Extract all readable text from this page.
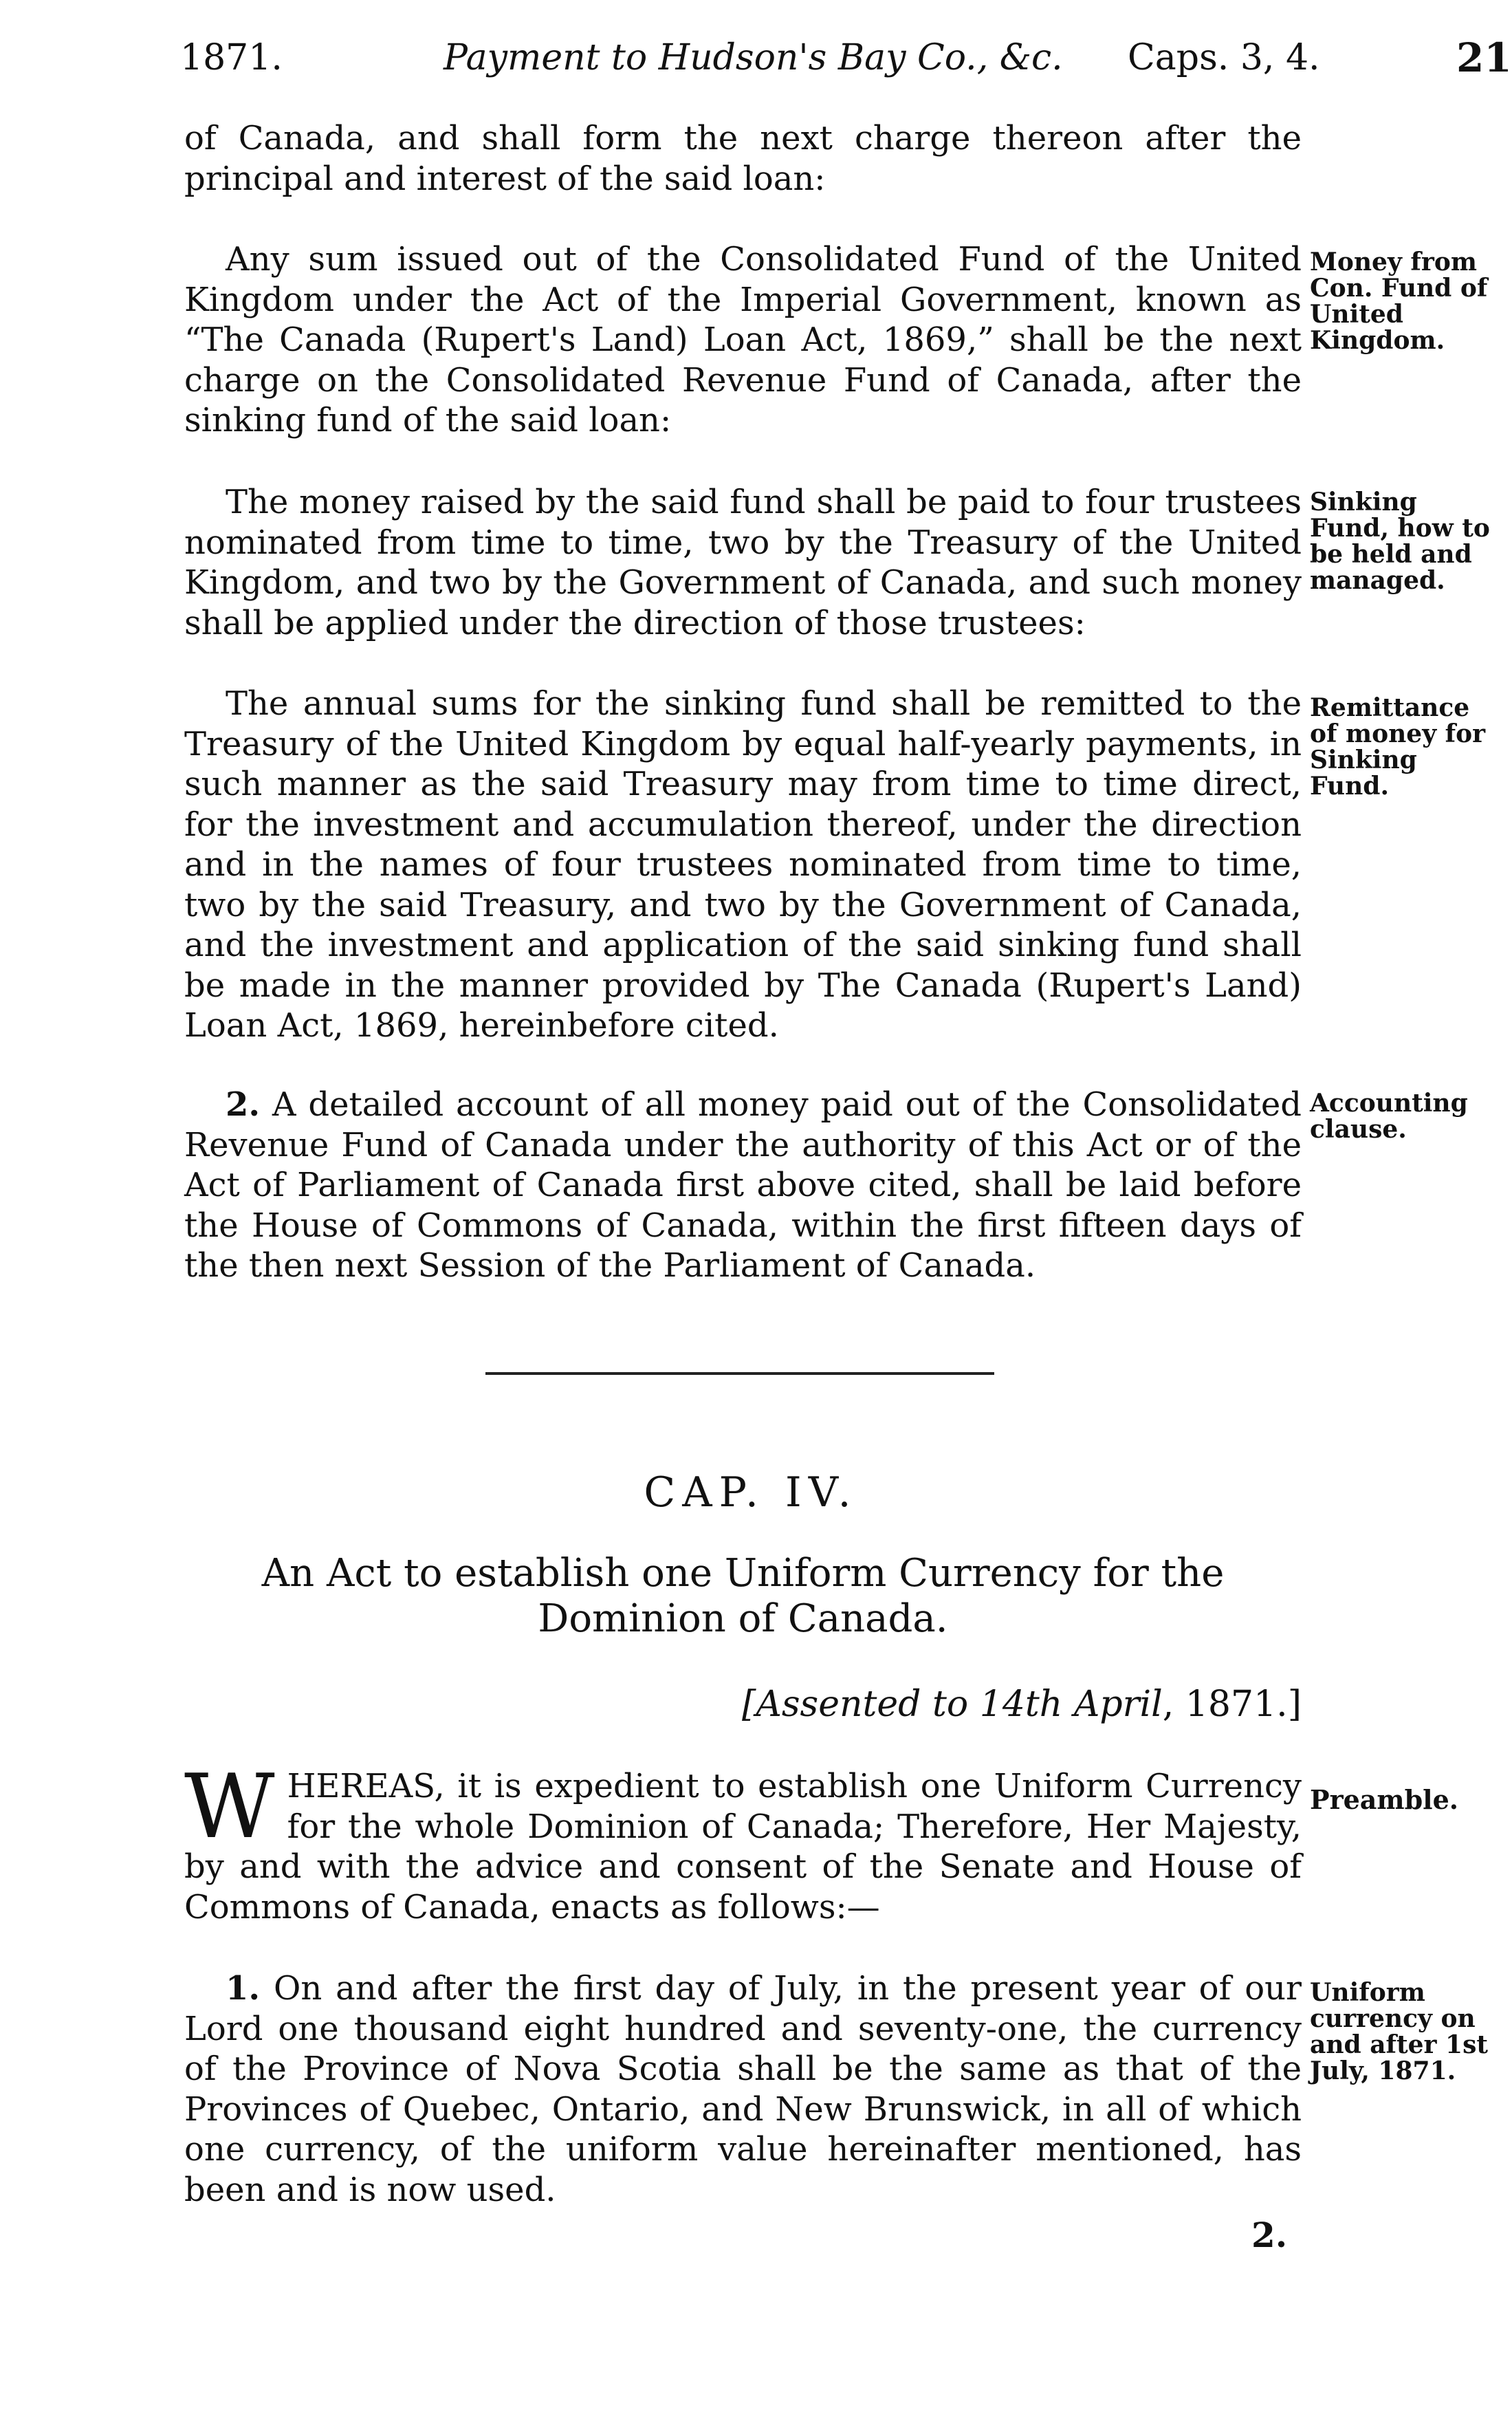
1871.	Payment to Hudson's Bay Co., &c. Caps. 3, 4.	21
of Canada, and shall form the next charge thereon after the principal and interest of the said loan:
Any sum issued out of the Consolidated Fund of the United Kingdom under the Act of the Imperial Government, known as “The Canada (Rupert's Land) Loan Act, 1869,” shall be the next charge on the Consolidated Revenue Fund of Canada, after the sinking fund of the said loan:
Money from Con. Fund of United Kingdom.
The money raised by the said fund shall be paid to four trustees nominated from time to time, two by the Treasury of the United Kingdom, and two by the Government of Canada, and such money shall be applied under the direction of those trustees:
Sinking Fund, how to be held and managed.
The annual sums for the sinking fund shall be remitted to the Treasury of the United Kingdom by equal half-yearly payments, in such manner as the said Treasury may from time to time direct, for the investment and accumulation thereof, under the direction and in the names of four trustees nominated from time to time, two by the said Treasury, and two by the Government of Canada, and the investment and application of the said sinking fund shall be made in the manner provided by The Canada (Rupert's Land) Loan Act, 1869, hereinbefore cited.
Remittance of money for Sinking Fund.
2. A detailed account of all money paid out of the Consolidated Revenue Fund of Canada under the authority of this Act or of the Act of Parliament of Canada first above cited, shall be laid before the House of Commons of Canada, within the first fifteen days of the then next Session of the Parliament of Canada.
Accounting clause.
CAP. IV.
An Act to establish one Uniform Currency for the Dominion of Canada.
[Assented to 14th April, 1871.]
W HEREAS, it is expedient to establish one Uniform Currency for the whole Dominion of Canada; Therefore, Her Majesty, by and with the advice and consent of the Senate and House of Commons of Canada, enacts as follows:—
Preamble.
1. On and after the first day of July, in the present year of our Lord one thousand eight hundred and seventy-one, the currency of the Province of Nova Scotia shall be the same as that of the Provinces of Quebec, Ontario, and New Brunswick, in all of which one currency, of the uniform value hereinafter mentioned, has been and is now used.
Uniform currency on and after 1st July, 1871.
2.
